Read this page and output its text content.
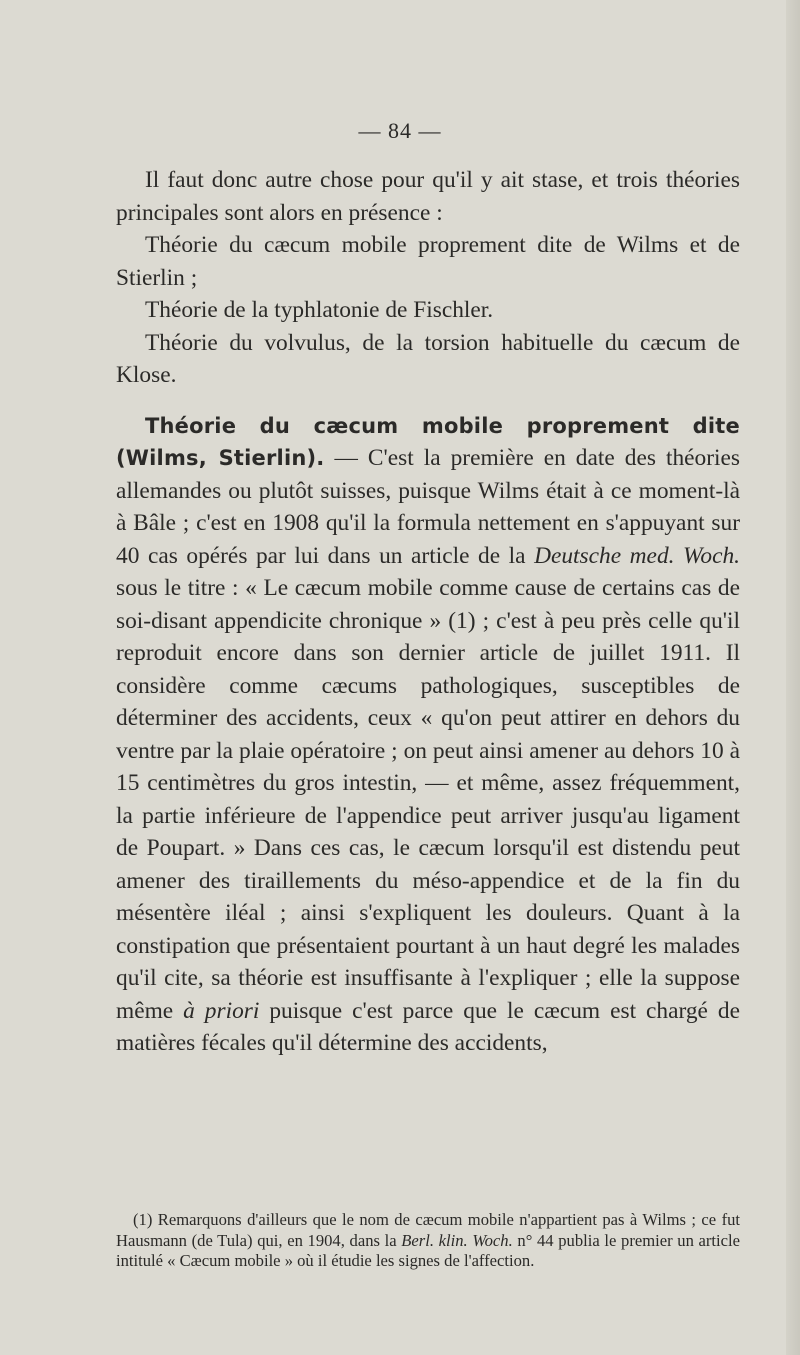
— 84 —

Il faut donc autre chose pour qu'il y ait stase, et trois théories principales sont alors en présence :

Théorie du cæcum mobile proprement dite de Wilms et de Stierlin ;

Théorie de la typhlatonie de Fischler.

Théorie du volvulus, de la torsion habituelle du cæcum de Klose.

Théorie du cæcum mobile proprement dite (Wilms, Stierlin). — C'est la première en date des théories allemandes ou plutôt suisses, puisque Wilms était à ce moment-là à Bâle ; c'est en 1908 qu'il la formula nettement en s'appuyant sur 40 cas opérés par lui dans un article de la Deutsche med. Woch. sous le titre : « Le cæcum mobile comme cause de certains cas de soi-disant appendicite chronique » (1) ; c'est à peu près celle qu'il reproduit encore dans son dernier article de juillet 1911. Il considère comme cæcums pathologiques, susceptibles de déterminer des accidents, ceux « qu'on peut attirer en dehors du ventre par la plaie opératoire ; on peut ainsi amener au dehors 10 à 15 centimètres du gros intestin, — et même, assez fréquemment, la partie inférieure de l'appendice peut arriver jusqu'au ligament de Poupart. » Dans ces cas, le cæcum lorsqu'il est distendu peut amener des tiraillements du méso-appendice et de la fin du mésentère iléal ; ainsi s'expliquent les douleurs. Quant à la constipation que présentaient pourtant à un haut degré les malades qu'il cite, sa théorie est insuffisante à l'expliquer ; elle la suppose même à priori puisque c'est parce que le cæcum est chargé de matières fécales qu'il détermine des accidents,

(1) Remarquons d'ailleurs que le nom de cæcum mobile n'appartient pas à Wilms ; ce fut Hausmann (de Tula) qui, en 1904, dans la Berl. klin. Woch. n° 44 publia le premier un article intitulé « Cæcum mobile » où il étudie les signes de l'affection.
